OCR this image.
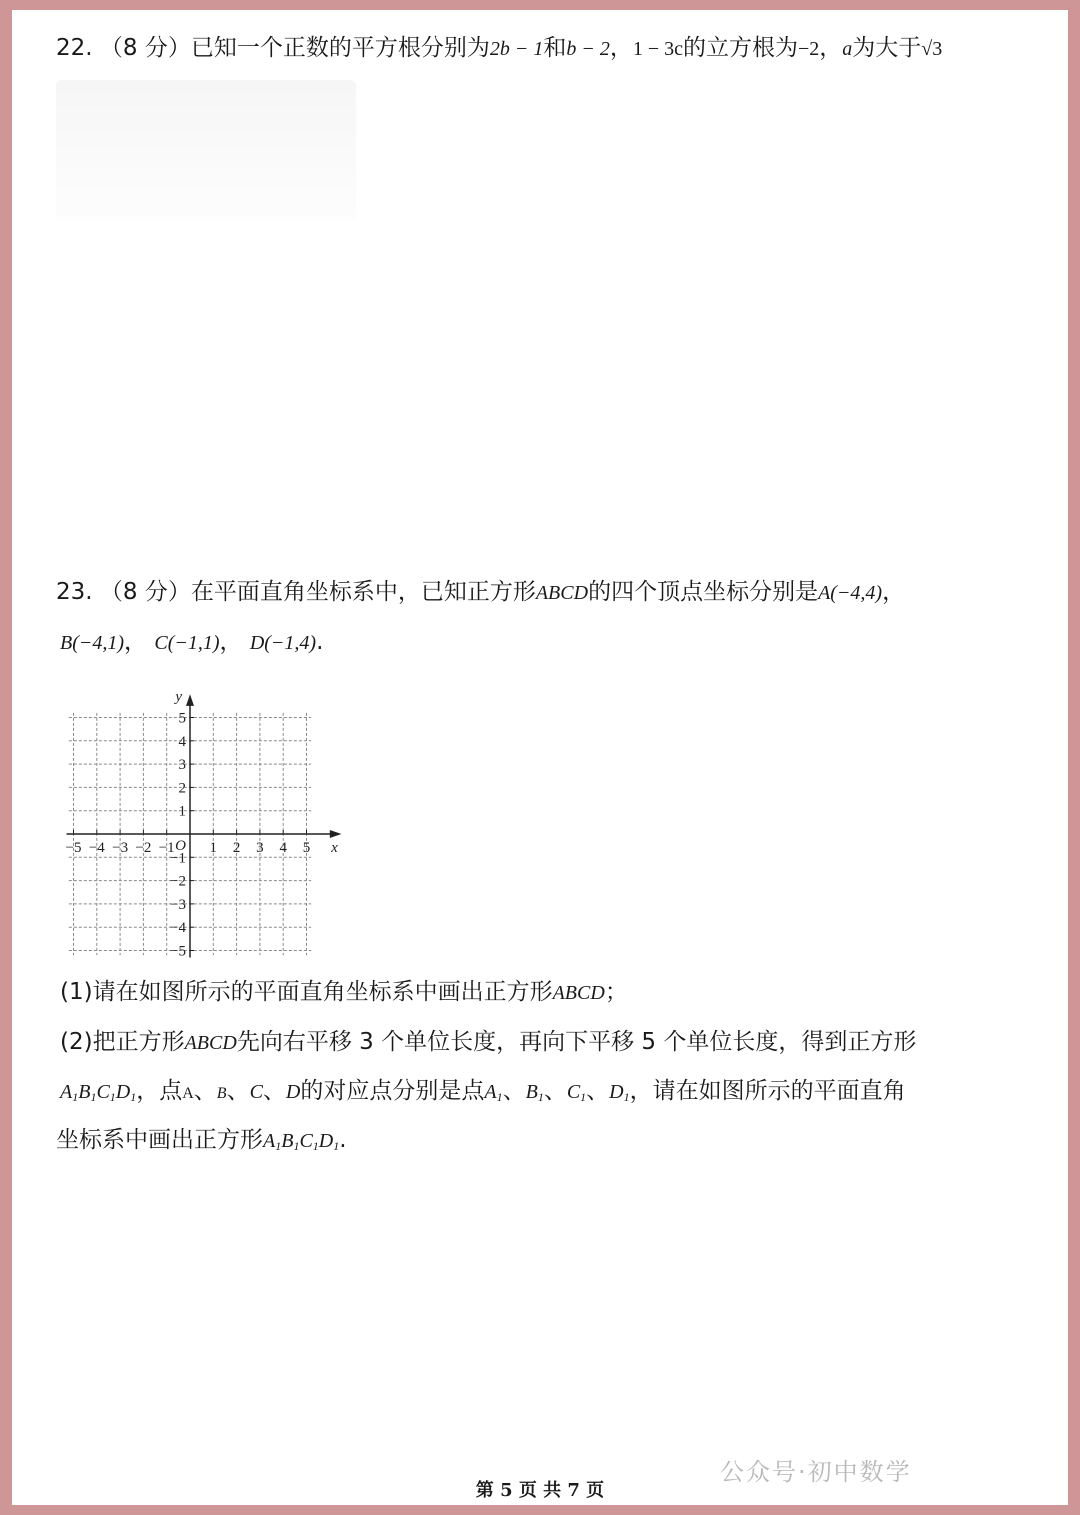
22. （8 分）已知一个正数的平方根分别为2b − 1和b − 2，1 − 3c的立方根为−2，a为大于√3
23. （8 分）在平面直角坐标系中，已知正方形ABCD的四个顶点坐标分别是A(−4,4)，
B(−4,1)， C(−1,1)， D(−1,4).
−5 −4 −3 −2 −1 1 2 3 4 5
5
4
3
2
1
−1
−2
−3
−4
−5
O	x
y
(1)请在如图所示的平面直角坐标系中画出正方形ABCD；
(2)把正方形ABCD先向右平移 3 个单位长度，再向下平移 5 个单位长度，得到正方形
$A_1B_1C_1D_1$，点A、B、C、D的对应点分别是点$A_1$、$B_1$、$C_1$、$D_1$，请在如图所示的平面直角
坐标系中画出正方形$A_1B_1C_1D_1$.
公众号·初中数学
第 5 页 共 7 页
